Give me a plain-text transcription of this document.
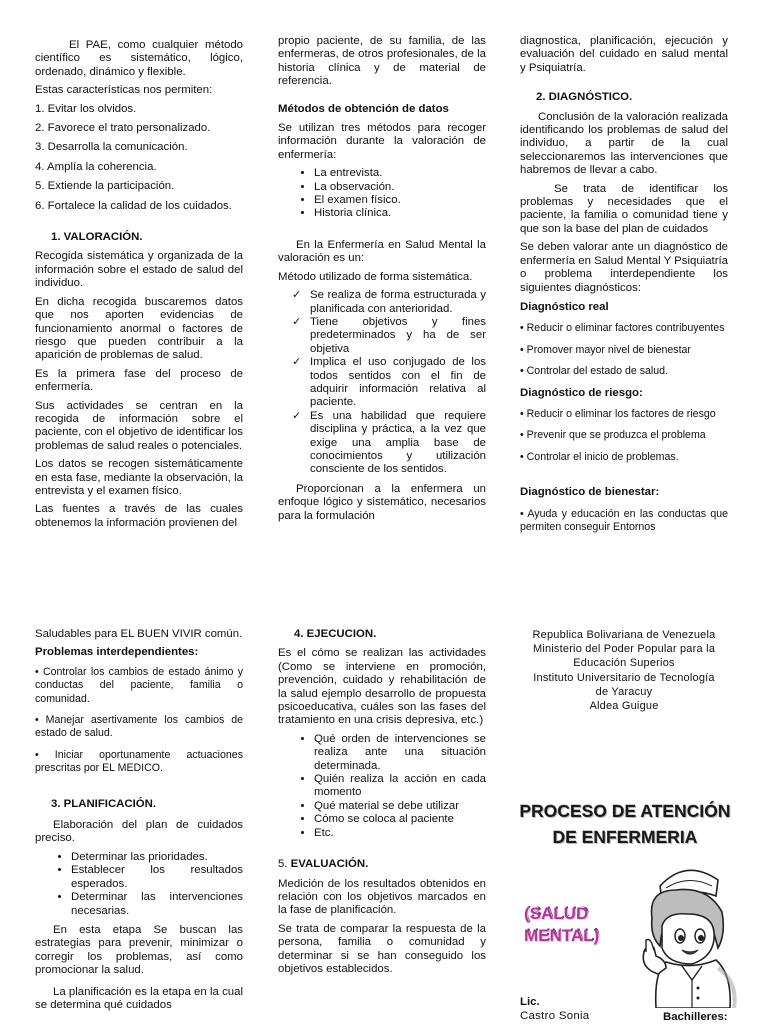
El PAE, como cualquier método científico es sistemático, lógico, ordenado, dinámico y flexible.

Estas características nos permiten:

1. Evitar los olvidos.

2. Favorece el trato personalizado.

3. Desarrolla la comunicación.

4. Amplía la coherencia.

5. Extiende la participación.

6. Fortalece la calidad de los cuidados.

1. VALORACIÓN.

Recogida sistemática y organizada de la información sobre el estado de salud del individuo.

En dicha recogida buscaremos datos que nos aporten evidencias de funcionamiento anormal o factores de riesgo que pueden contribuir a la aparición de problemas de salud.

Es la primera fase del proceso de enfermería.

Sus actividades se centran en la recogida de información sobre el paciente, con el objetivo de identificar los problemas de salud reales o potenciales.

Los datos se recogen sistemáticamente en esta fase, mediante la observación, la entrevista y el examen físico.

Las fuentes a través de las cuales obtenemos la información provienen del

propio paciente, de su familia, de las enfermeras, de otros profesionales, de la historia clínica y de material de referencia.

Métodos de obtención de datos

Se utilizan tres métodos para recoger información durante la valoración de enfermería:

• La entrevista.
• La observación.
• El examen físico.
• Historia clínica.

En la Enfermería en Salud Mental la valoración es un:

Método utilizado de forma sistemática.

✓ Se realiza de forma estructurada y planificada con anterioridad.
✓ Tiene objetivos y fines predeterminados y ha de ser objetiva
✓ Implica el uso conjugado de los todos sentidos con el fin de adquirir información relativa al paciente.
✓ Es una habilidad que requiere disciplina y práctica, a la vez que exige una amplia base de conocimientos y utilización consciente de los sentidos.

Proporcionan a la enfermera un enfoque lógico y sistemático, necesarios para la formulación

diagnostica, planificación, ejecución y evaluación del cuidado en salud mental y Psiquiatría.

2. DIAGNÓSTICO.

Conclusión de la valoración realizada identificando los problemas de salud del individuo, a partir de la cual seleccionaremos las intervenciones que habremos de llevar a cabo.

Se trata de identificar los problemas y necesidades que el paciente, la familia o comunidad tiene y que son la base del plan de cuidados

Se deben valorar ante un diagnóstico de enfermería en Salud Mental Y Psiquiatría o problema interdependiente los siguientes diagnósticos:

Diagnóstico real

• Reducir o eliminar factores contribuyentes

• Promover mayor nivel de bienestar

• Controlar del estado de salud.

Diagnóstico de riesgo:

• Reducir o eliminar los factores de riesgo

• Prevenir que se produzca el problema

• Controlar el inicio de problemas.

Diagnóstico de bienestar:

• Ayuda y educación en las conductas que permiten conseguir Entornos

Saludables para EL BUEN VIVIR común.

Problemas interdependientes:

• Controlar los cambios de estado ánimo y conductas del paciente, familia o comunidad.

• Manejar asertivamente los cambios de estado de salud.

• Iniciar oportunamente actuaciones prescritas por EL MEDICO.

3. PLANIFICACIÓN.

Elaboración del plan de cuidados preciso.

• Determinar las prioridades.
• Establecer los resultados esperados.
• Determinar las intervenciones necesarias.

En esta etapa Se buscan las estrategias para prevenir, minimizar o corregir los problemas, así como promocionar la salud.

La planificación es la etapa en la cual se determina qué cuidados

4. EJECUCION.

Es el cómo se realizan las actividades (Como se interviene en promoción, prevención, cuidado y rehabilitación de la salud ejemplo desarrollo de propuesta psicoeducativa, cuáles son las fases del tratamiento en una crisis depresiva, etc.)

• Qué orden de intervenciones se realiza ante una situación determinada.
• Quién realiza la acción en cada momento
• Qué material se debe utilizar
• Cómo se coloca al paciente
• Etc.
5. EVALUACIÓN.

Medición de los resultados obtenidos en relación con los objetivos marcados en la fase de planificación.

Se trata de comparar la respuesta de la persona, familia o comunidad y determinar si se han conseguido los objetivos establecidos.

Republica Bolivariana de Venezuela
Ministerio del Poder Popular para la
Educación Superios
Instituto Universitario de Tecnología
de Yaracuy
Aldea Guigue
PROCESO DE ATENCIÓN
DE ENFERMERIA
(SALUD
MENTAL)
Lic.
Castro Sonia	Bachilleres:
